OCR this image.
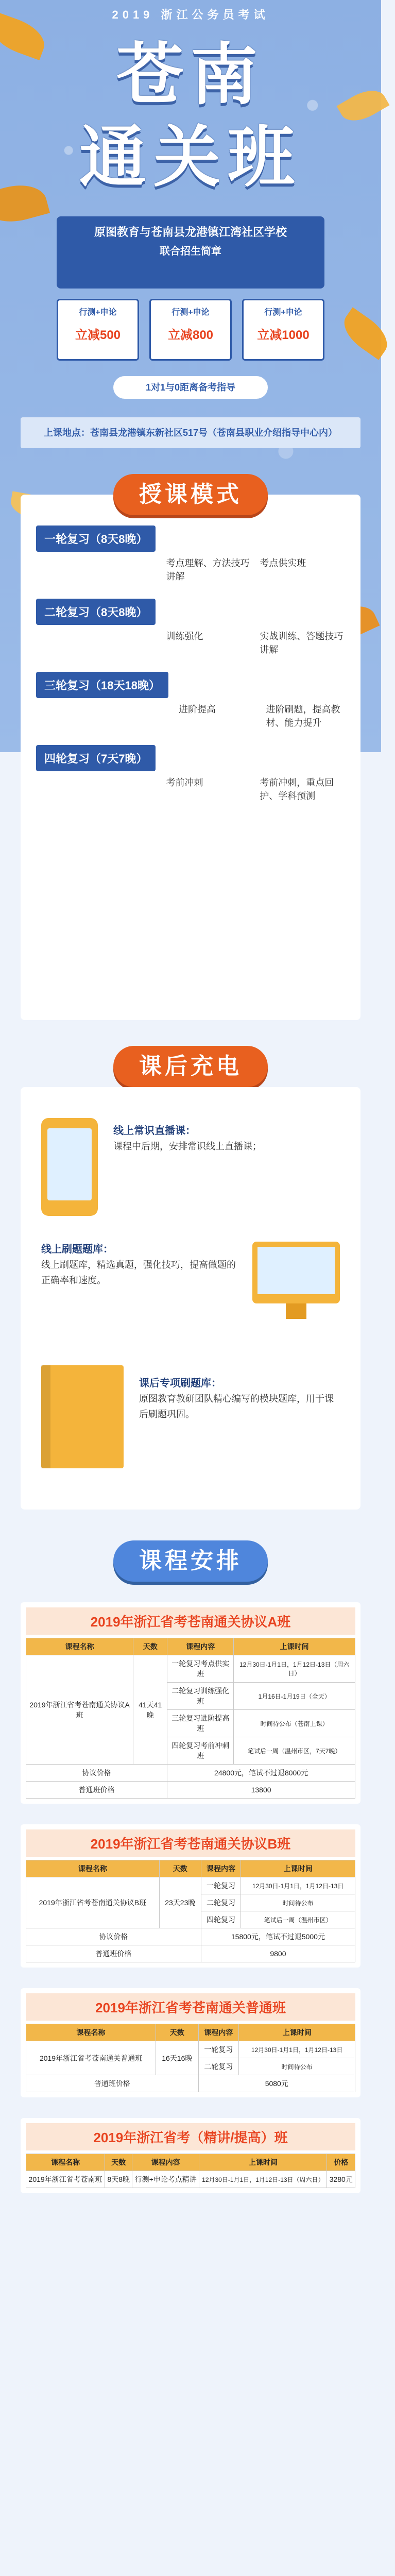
2019 浙江公务员考试
苍南
通关班
原图教育与苍南县龙港镇江湾社区学校
联合招生简章
行测+申论
立减500
行测+申论
立减800
行测+申论
立减1000
1对1与0距离备考指导
上课地点：苍南县龙港镇东新社区517号（苍南县职业介绍指导中心内）
授课模式
一轮复习（8天8晚）
考点理解、方法技巧讲解
考点供实班
二轮复习（8天8晚）
训练强化	实战训练、答题技巧讲解
三轮复习（18天18晚）
进阶提高	进阶刷题，提高教材、能力提升
四轮复习（7天7晚）
考前冲刺	考前冲刺，重点回护、学科预测
课后充电
线上常识直播课：
课程中后期，安排常识线上直播课；
线上刷题题库：
线上刷题库，精选真题，强化技巧，提高做题的正确率和速度。
课后专项刷题库：
原图教育教研团队精心编写的模块题库，用于课后刷题巩固。
课程安排
2019年浙江省考苍南通关协议A班
课程名称	天数	课程内容	上课时间
2019年浙江省考苍南通关协议A班	41天41晚	一轮复习考点供实班	12月30日-1月1日，1月12日-13日（周六日）
		二轮复习训练强化班	1月16日-1月19日（全天）
		三轮复习进阶提高班	时间待公布（苍南上课）
		四轮复习考前冲刺班	笔试后一周（温州市区，7天7晚）
协议价格		24800元，笔试不过退8000元	
普通班价格		13800	
2019年浙江省考苍南通关协议B班
课程名称	天数	课程内容	上课时间
2019年浙江省考苍南通关协议B班	23天23晚	一轮复习	12月30日-1月1日，1月12日-13日
		二轮复习	时间待公布
		四轮复习	笔试后一周（温州市区）
协议价格		15800元，笔试不过退5000元	
普通班价格		9800	
2019年浙江省考苍南通关普通班
课程名称	天数	课程内容	上课时间
2019年浙江省考苍南通关普通班	16天16晚	一轮复习	12月30日-1月1日，1月12日-13日
		二轮复习	时间待公布
普通班价格		5080元	
2019年浙江省考（精讲/提高）班
课程名称	天数	课程内容	上课时间	价格
2019年浙江省考苍南班	8天8晚	行测+申论考点精讲	12月30日-1月1日，1月12日-13日（周六日）	3280元
